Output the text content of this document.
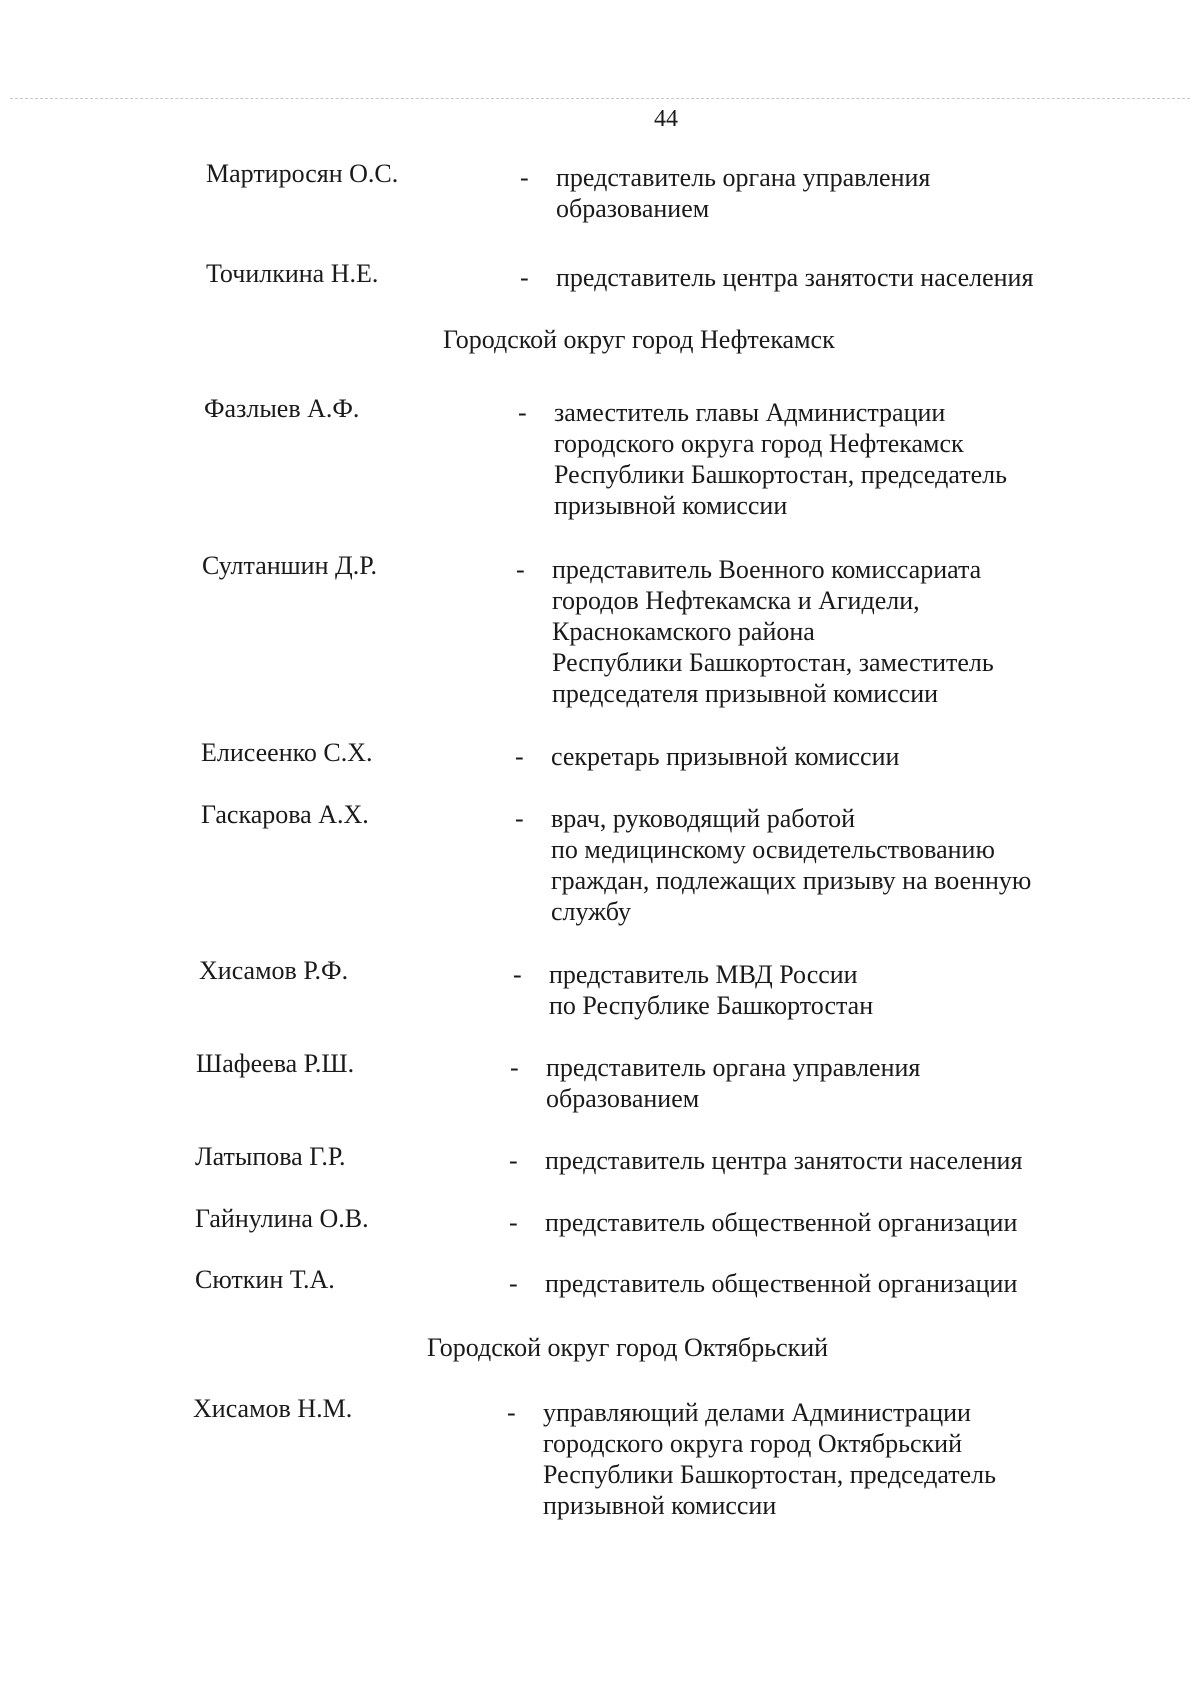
44
Мартиросян О.С.	- представитель органа управления
образованием
Точилкина Н.Е.	- представитель центра занятости населения
Городской округ город Нефтекамск
Фазлыев А.Ф.	- заместитель главы Администрации
городского округа город Нефтекамск
Республики Башкортостан, председатель
призывной комиссии
Султаншин Д.Р.	- представитель Военного комиссариата
городов Нефтекамска и Агидели,
Краснокамского района
Республики Башкортостан, заместитель
председателя призывной комиссии
Елисеенко С.Х.	- секретарь призывной комиссии
Гаскарова А.Х.	- врач, руководящий работой
по медицинскому освидетельствованию
граждан, подлежащих призыву на военную
службу
Хисамов Р.Ф.	- представитель МВД России
по Республике Башкортостан
Шафеева Р.Ш.	- представитель органа управления
образованием
Латыпова Г.Р.	- представитель центра занятости населения
Гайнулина О.В.	- представитель общественной организации
Сюткин Т.А.	- представитель общественной организации
Городской округ город Октябрьский
Хисамов Н.М.	- управляющий делами Администрации
городского округа город Октябрьский
Республики Башкортостан, председатель
призывной комиссии
